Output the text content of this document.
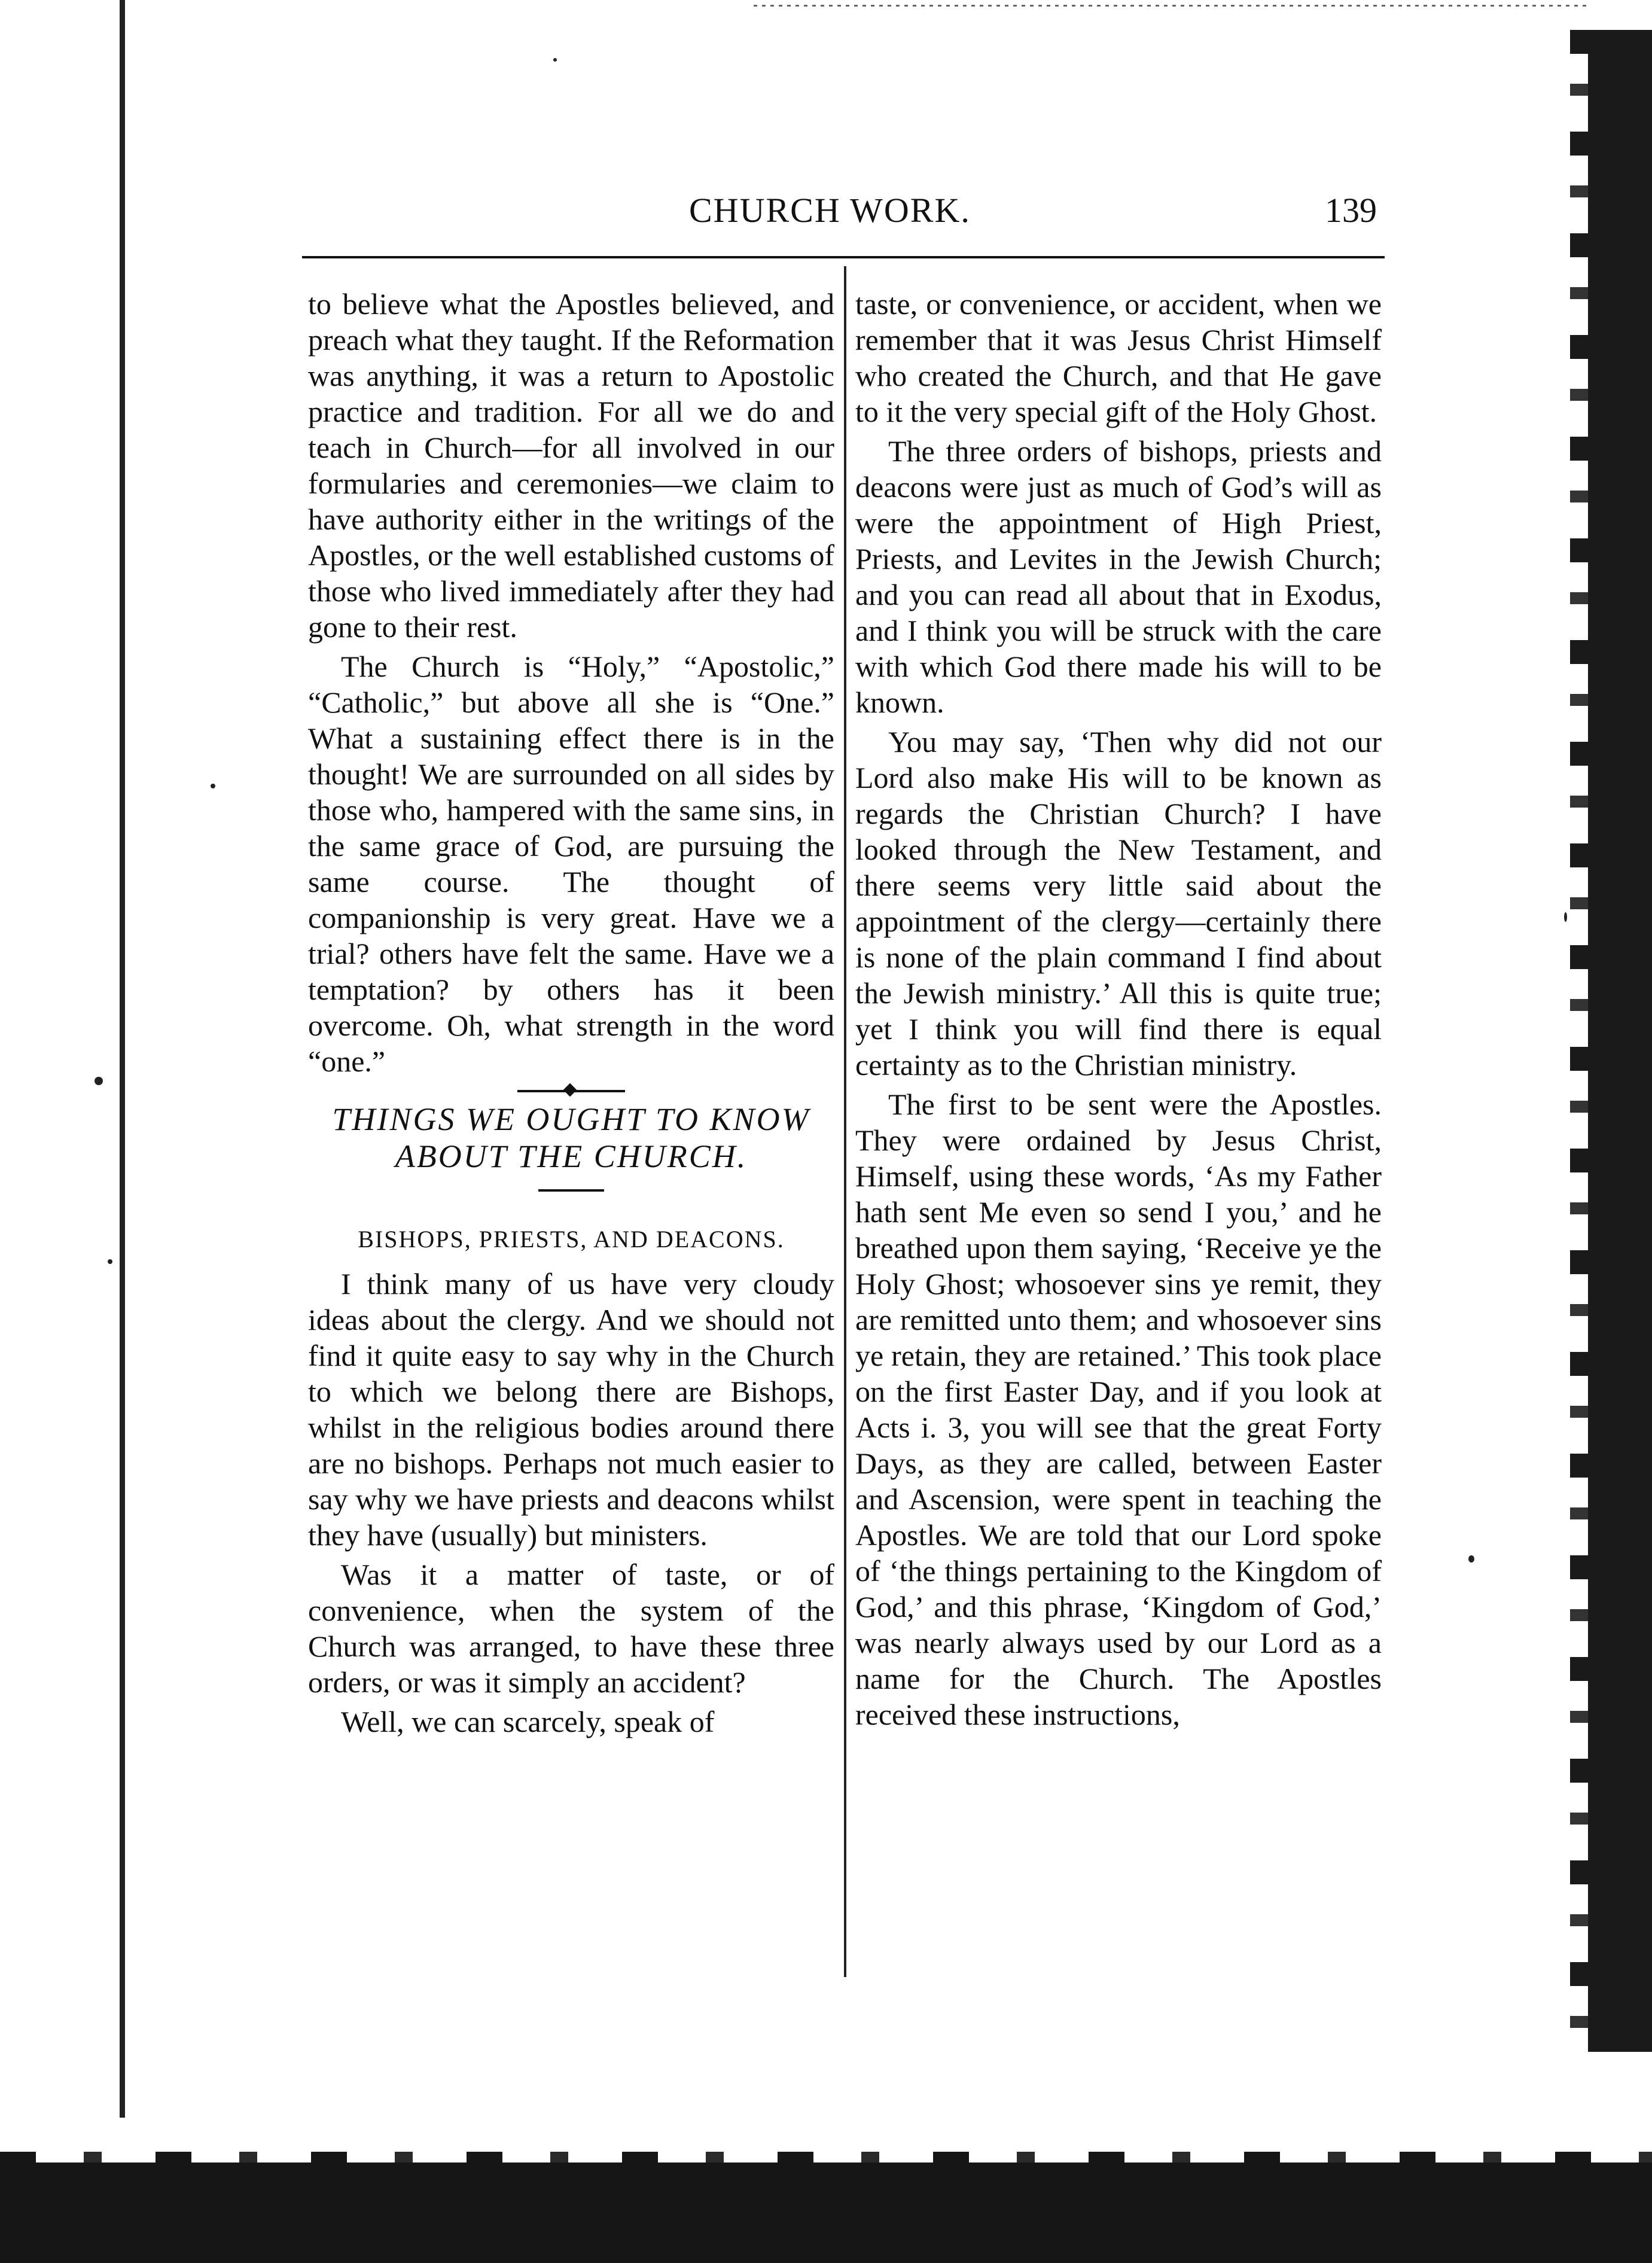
CHURCH WORK.	139

to believe what the Apostles believed, and preach what they taught. If the Reformation was anything, it was a return to Apostolic practice and tradition. For all we do and teach in Church—for all involved in our formularies and ceremonies—we claim to have authority either in the writings of the Apostles, or the well established customs of those who lived immediately after they had gone to their rest.

The Church is “Holy,” “Apostolic,” “Catholic,” but above all she is “One.” What a sustaining effect there is in the thought! We are surrounded on all sides by those who, hampered with the same sins, in the same grace of God, are pursuing the same course. The thought of companionship is very great. Have we a trial? others have felt the same. Have we a temptation? by others has it been overcome. Oh, what strength in the word “one.”

THINGS WE OUGHT TO KNOW ABOUT THE CHURCH.
BISHOPS, PRIESTS, AND DEACONS.

I think many of us have very cloudy ideas about the clergy. And we should not find it quite easy to say why in the Church to which we belong there are Bishops, whilst in the religious bodies around there are no bishops. Perhaps not much easier to say why we have priests and deacons whilst they have (usually) but ministers.

Was it a matter of taste, or of convenience, when the system of the Church was arranged, to have these three orders, or was it simply an accident?

Well, we can scarcely, speak of

taste, or convenience, or accident, when we remember that it was Jesus Christ Himself who created the Church, and that He gave to it the very special gift of the Holy Ghost.

The three orders of bishops, priests and deacons were just as much of God’s will as were the appointment of High Priest, Priests, and Levites in the Jewish Church; and you can read all about that in Exodus, and I think you will be struck with the care with which God there made his will to be known.

You may say, ‘Then why did not our Lord also make His will to be known as regards the Christian Church? I have looked through the New Testament, and there seems very little said about the appointment of the clergy—certainly there is none of the plain command I find about the Jewish ministry.’ All this is quite true; yet I think you will find there is equal certainty as to the Christian ministry.

The first to be sent were the Apostles. They were ordained by Jesus Christ, Himself, using these words, ‘As my Father hath sent Me even so send I you,’ and he breathed upon them saying, ‘Receive ye the Holy Ghost; whosoever sins ye remit, they are remitted unto them; and whosoever sins ye retain, they are retained.’ This took place on the first Easter Day, and if you look at Acts i. 3, you will see that the great Forty Days, as they are called, between Easter and Ascension, were spent in teaching the Apostles. We are told that our Lord spoke of ‘the things pertaining to the Kingdom of God,’ and this phrase, ‘Kingdom of God,’ was nearly always used by our Lord as a name for the Church. The Apostles received these instructions,
